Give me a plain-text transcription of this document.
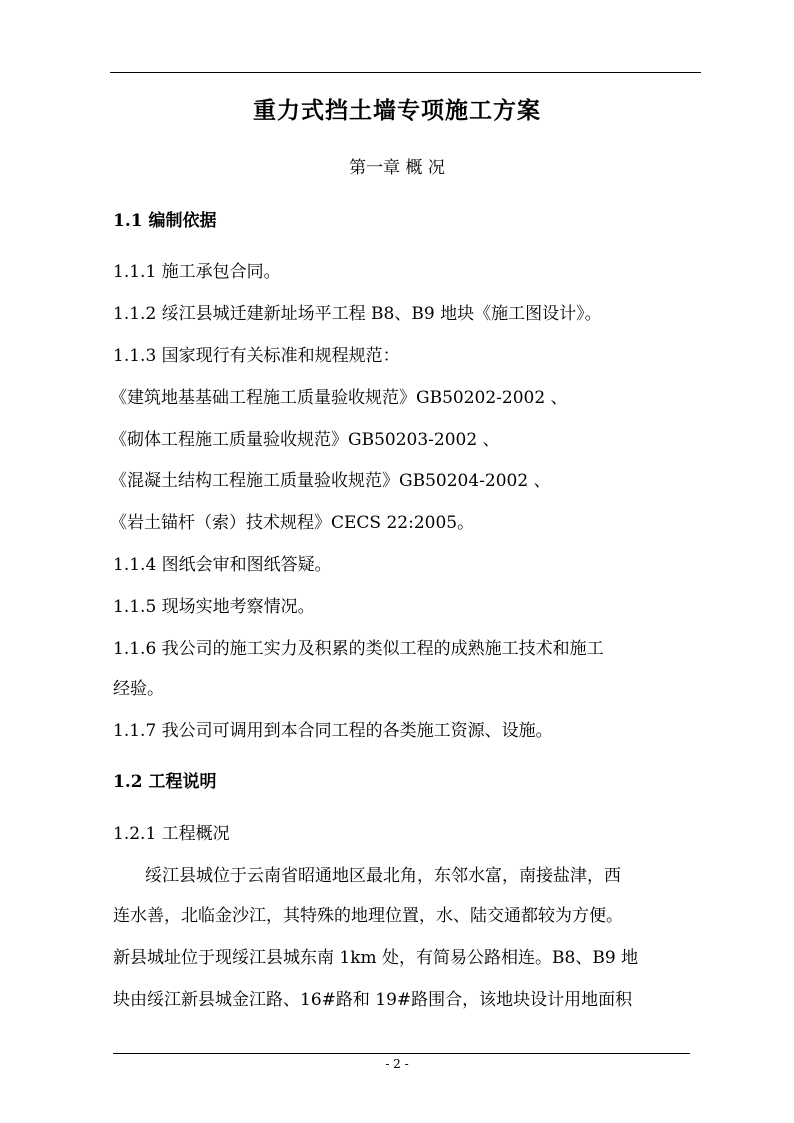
重力式挡土墙专项施工方案
第一章 概 况
1.1 编制依据
1.1.1 施工承包合同。
1.1.2 绥江县城迁建新址场平工程 B8、B9 地块《施工图设计》。
1.1.3 国家现行有关标准和规程规范：
《建筑地基基础工程施工质量验收规范》GB50202-2002 、
《砌体工程施工质量验收规范》GB50203-2002 、
《混凝土结构工程施工质量验收规范》GB50204-2002 、
《岩土锚杆（索）技术规程》CECS 22:2005。
1.1.4 图纸会审和图纸答疑。
1.1.5 现场实地考察情况。
1.1.6 我公司的施工实力及积累的类似工程的成熟施工技术和施工
经验。
1.1.7 我公司可调用到本合同工程的各类施工资源、设施。
1.2 工程说明
1.2.1 工程概况
绥江县城位于云南省昭通地区最北角，东邻水富，南接盐津，西
连水善，北临金沙江，其特殊的地理位置，水、陆交通都较为方便。
新县城址位于现绥江县城东南 1km 处，有简易公路相连。B8、B9 地
块由绥江新县城金江路、16#路和 19#路围合，该地块设计用地面积
- 2 -
